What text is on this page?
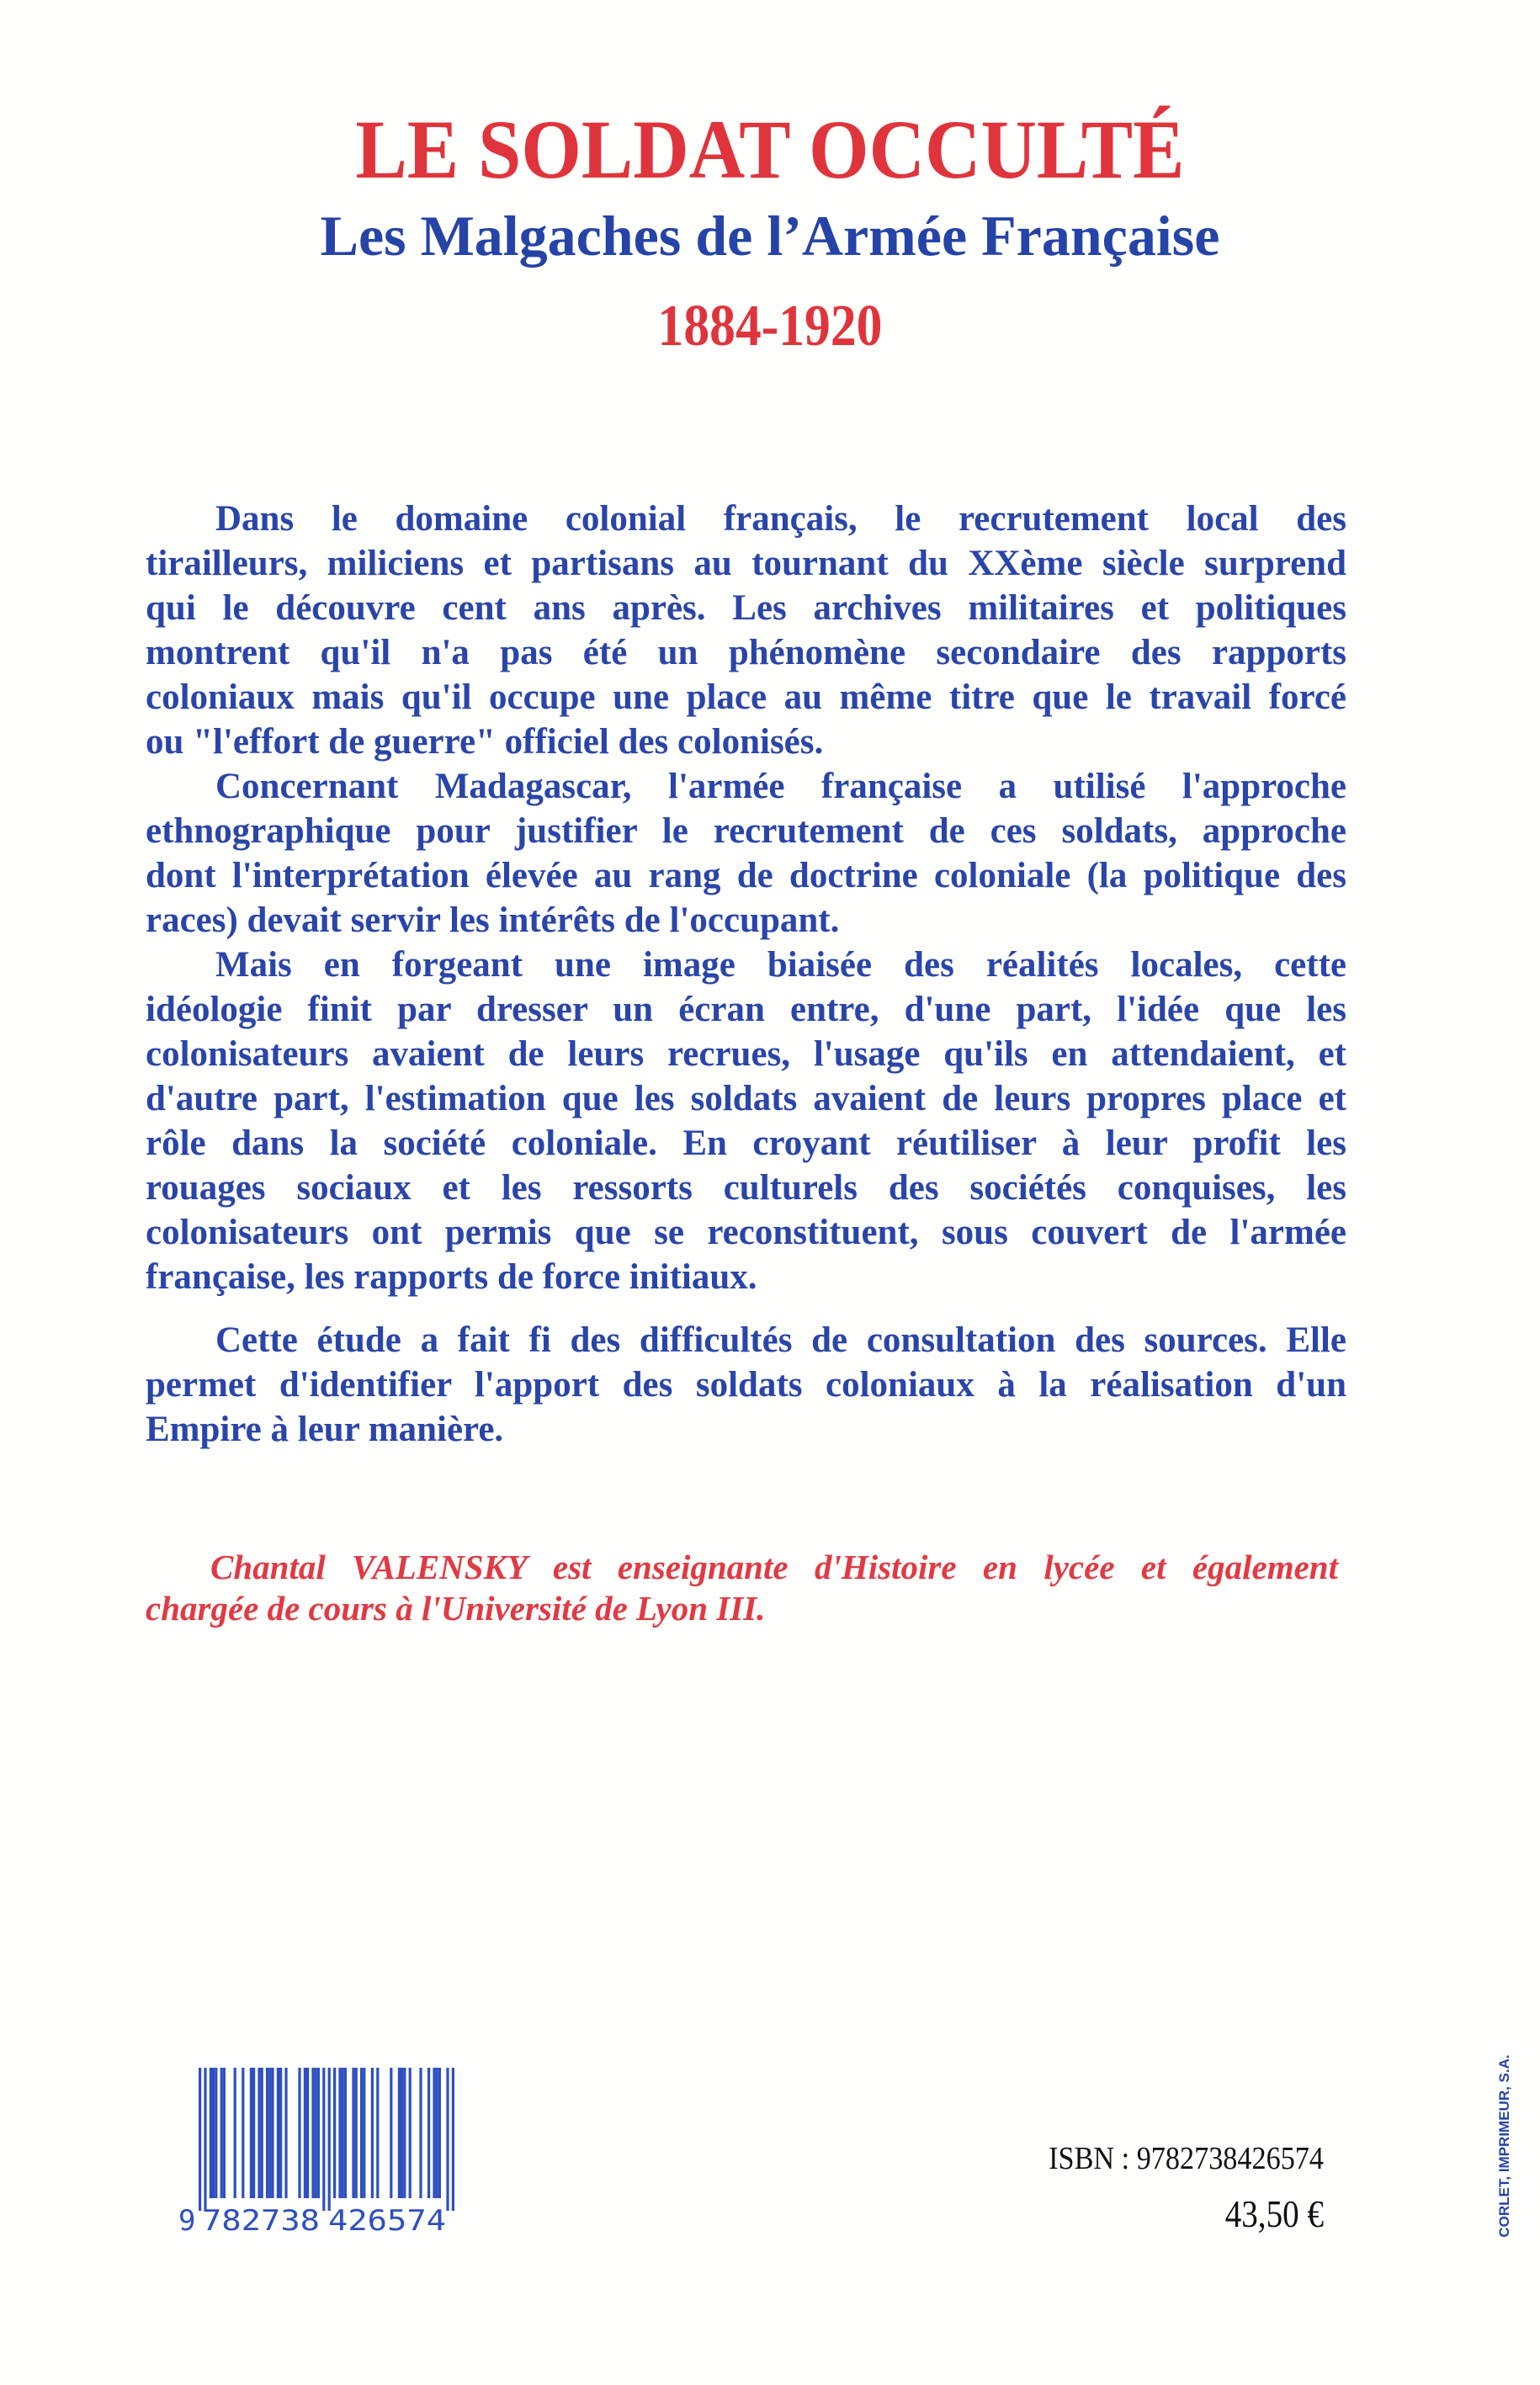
LE SOLDAT OCCULTÉ
Les Malgaches de l’Armée Française
1884-1920
Dans le domaine colonial français, le recrutement local des
tirailleurs, miliciens et partisans au tournant du XXème siècle surprend
qui le découvre cent ans après. Les archives militaires et politiques
montrent qu'il n'a pas été un phénomène secondaire des rapports
coloniaux mais qu'il occupe une place au même titre que le travail forcé
ou "l'effort de guerre" officiel des colonisés.
Concernant Madagascar, l'armée française a utilisé l'approche
ethnographique pour justifier le recrutement de ces soldats, approche
dont l'interprétation élevée au rang de doctrine coloniale (la politique des
races) devait servir les intérêts de l'occupant.
Mais en forgeant une image biaisée des réalités locales, cette
idéologie finit par dresser un écran entre, d'une part, l'idée que les
colonisateurs avaient de leurs recrues, l'usage qu'ils en attendaient, et
d'autre part, l'estimation que les soldats avaient de leurs propres place et
rôle dans la société coloniale. En croyant réutiliser à leur profit les
rouages sociaux et les ressorts culturels des sociétés conquises, les
colonisateurs ont permis que se reconstituent, sous couvert de l'armée
française, les rapports de force initiaux.
Cette étude a fait fi des difficultés de consultation des sources. Elle
permet d'identifier l'apport des soldats coloniaux à la réalisation d'un
Empire à leur manière.
Chantal VALENSKY est enseignante d'Histoire en lycée et également
chargée de cours à l'Université de Lyon III.
9 782738 426574
ISBN : 9782738426574
43,50 €	CORLET, IMPRIMEUR, S.A.
